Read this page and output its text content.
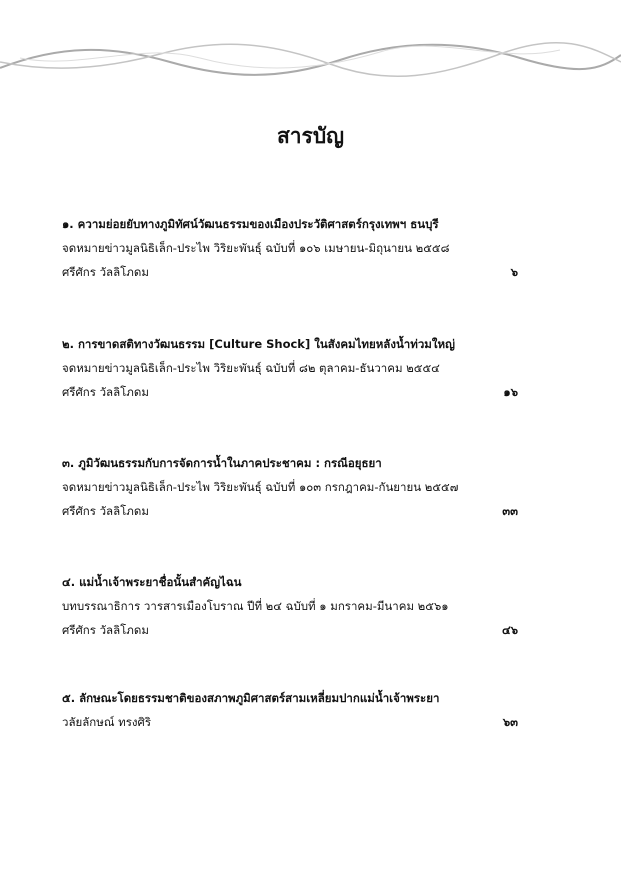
สารบัญ
๑. ความย่อยยับทางภูมิทัศน์วัฒนธรรมของเมืองประวัติศาสตร์กรุงเทพฯ ธนบุรี
จดหมายข่าวมูลนิธิเล็ก-ประไพ วิริยะพันธุ์ ฉบับที่ ๑๐๖ เมษายน-มิถุนายน ๒๕๕๘
ศรีศักร วัลลิโภดม	๖
๒. การขาดสติทางวัฒนธรรม [Culture Shock] ในสังคมไทยหลังน้ำท่วมใหญ่
จดหมายข่าวมูลนิธิเล็ก-ประไพ วิริยะพันธุ์ ฉบับที่ ๘๒ ตุลาคม-ธันวาคม ๒๕๕๔
ศรีศักร วัลลิโภดม	๑๖
๓. ภูมิวัฒนธรรมกับการจัดการน้ำในภาคประชาคม : กรณีอยุธยา
จดหมายข่าวมูลนิธิเล็ก-ประไพ วิริยะพันธุ์ ฉบับที่ ๑๐๓ กรกฎาคม-กันยายน ๒๕๕๗
ศรีศักร วัลลิโภดม	๓๓
๔. แม่น้ำเจ้าพระยาชื่อนั้นสำคัญไฉน
บทบรรณาธิการ วารสารเมืองโบราณ ปีที่ ๒๔ ฉบับที่ ๑ มกราคม-มีนาคม ๒๕๖๑
ศรีศักร วัลลิโภดม	๔๖
๕. ลักษณะโดยธรรมชาติของสภาพภูมิศาสตร์สามเหลี่ยมปากแม่น้ำเจ้าพระยา
วลัยลักษณ์ ทรงศิริ	๖๓
